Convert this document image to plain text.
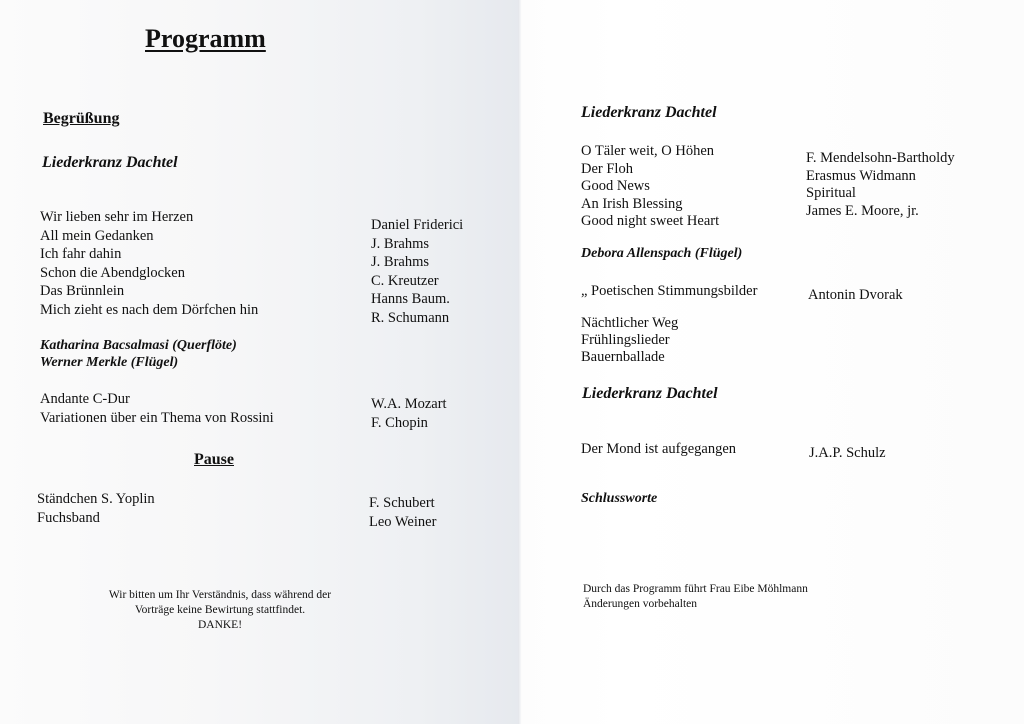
Programm
Begrüßung
Liederkranz Dachtel
Wir lieben sehr im Herzen
All mein Gedanken
Ich fahr dahin
Schon die Abendglocken
Das Brünnlein
Mich zieht es nach dem Dörfchen hin
Daniel Friderici
J. Brahms
J. Brahms
C. Kreutzer
Hanns Baum.
R. Schumann
Katharina Bacsalmasi (Querflöte)
Werner Merkle (Flügel)
Andante C-Dur
Variationen über ein Thema von Rossini
W.A. Mozart
F. Chopin
Pause
Ständchen S. Yoplin
Fuchsband
F. Schubert
Leo Weiner
Wir bitten um Ihr Verständnis, dass während der
Vorträge keine Bewirtung stattfindet.
DANKE!
Liederkranz Dachtel
O Täler weit, O Höhen
Der Floh
Good News
An Irish Blessing
Good night sweet Heart
F. Mendelsohn-Bartholdy
Erasmus Widmann
Spiritual
James E. Moore, jr.
Debora Allenspach (Flügel)
„ Poetischen Stimmungsbilder	Antonin Dvorak
Nächtlicher Weg
Frühlingslieder
Bauernballade
Liederkranz Dachtel
Der Mond ist aufgegangen	J.A.P. Schulz
Schlussworte
Durch das Programm führt Frau Eibe Möhlmann
Änderungen vorbehalten
